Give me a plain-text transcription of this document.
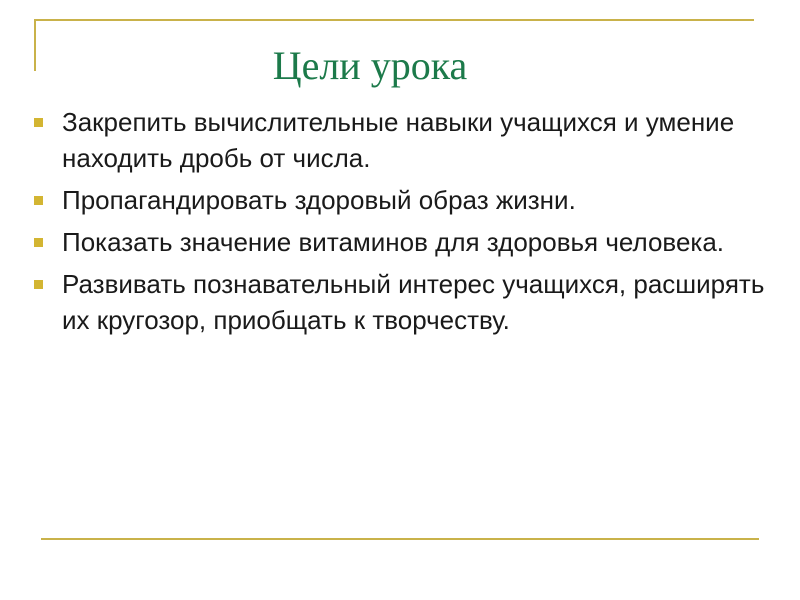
Цели урока
Закрепить вычислительные навыки учащихся и умение находить дробь от числа.
Пропагандировать здоровый образ жизни.
Показать значение витаминов для здоровья человека.
Развивать познавательный интерес учащихся, расширять их кругозор, приобщать к творчеству.
